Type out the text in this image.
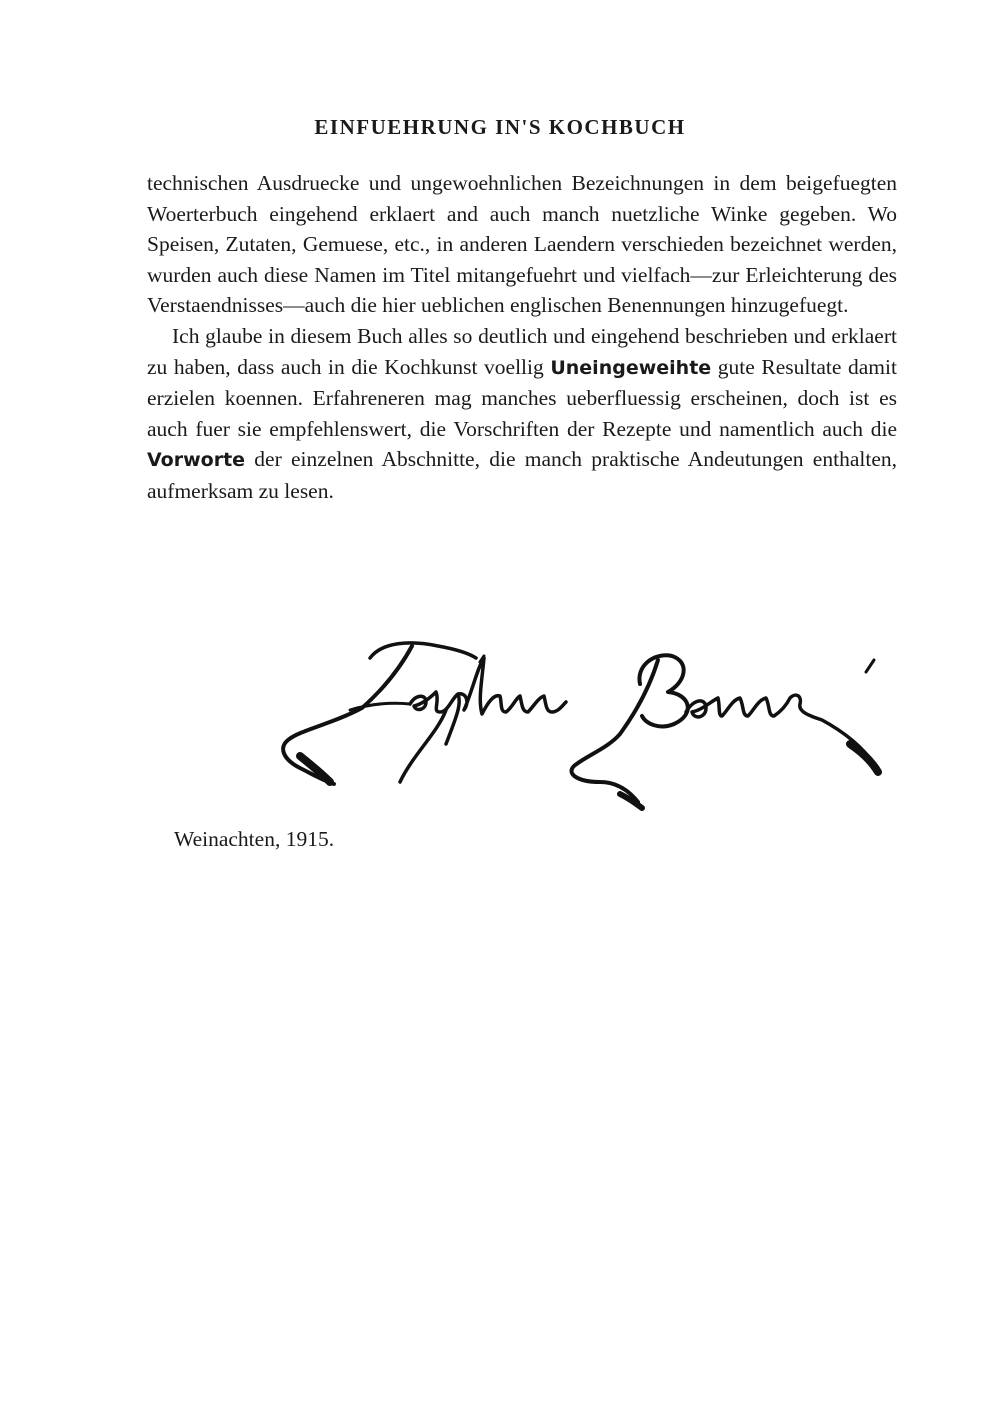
EINFUEHRUNG IN'S KOCHBUCH

technischen Ausdruecke und ungewoehnlichen Bezeichnungen in dem beigefuegten Woerterbuch eingehend erklaert and auch manch nuetzliche Winke gegeben. Wo Speisen, Zutaten, Gemuese, etc., in anderen Laendern verschieden bezeichnet werden, wurden auch diese Namen im Titel mitangefuehrt und vielfach—zur Erleichterung des Verstaendnisses—auch die hier ueblichen englischen Benennungen hinzugefuegt.

Ich glaube in diesem Buch alles so deutlich und eingehend beschrieben und erklaert zu haben, dass auch in die Kochkunst voellig Uneingeweihte gute Resultate damit erzielen koennen. Erfahreneren mag manches ueberfluessig erscheinen, doch ist es auch fuer sie empfehlenswert, die Vorschriften der Rezepte und namentlich auch die Vorworte der einzelnen Abschnitte, die manch praktische Andeutungen enthalten, aufmerksam zu lesen.

Weinachten, 1915.
